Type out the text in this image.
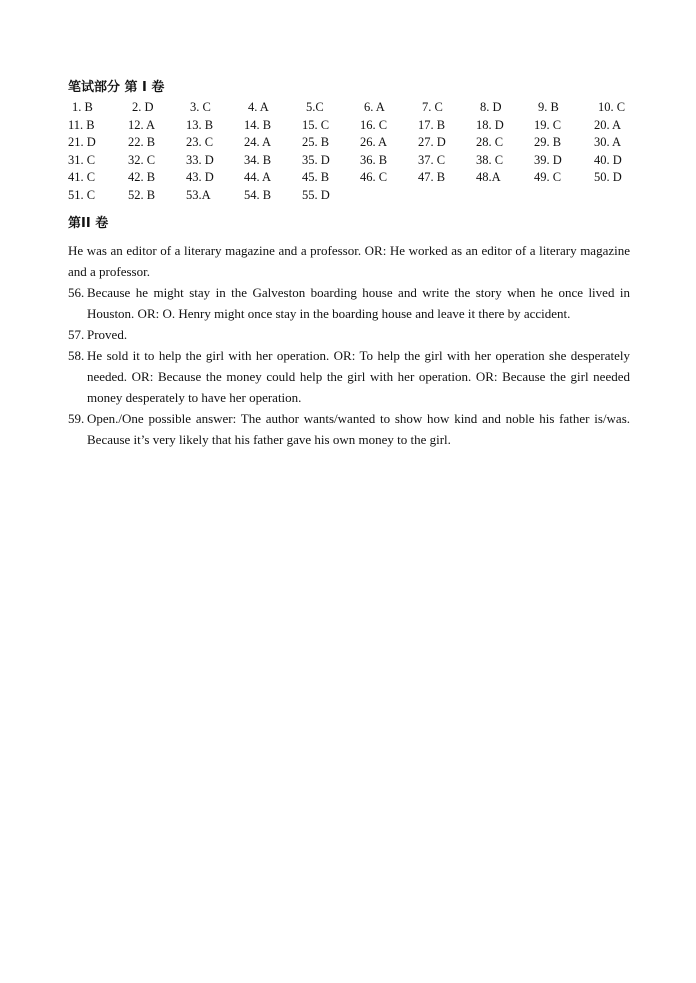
笔试部分 第 I 卷
1. B	2. D	3. C	4. A	5.C	6. A	7. C	8. D	9. B	10. C
11. B	12. A 13. B 14. B 15. C 16. C 17. B 18. D 19. C	20. A
21. D	22. B 23. C 24. A 25. B 26. A 27. D 28. C 29. B	30. A
31. C	32. C 33. D 34. B 35. D 36. B 37. C 38. C 39. D	40. D
41. C	42. B 43. D 44. A 45. B 46. C 47. B 48.A	49. C	50. D
51. C	52. B 53.A	54. B 55. D
第II 卷

He was an editor of a literary magazine and a professor. OR: He worked as an editor of a literary magazine and a professor.

56. Because he might stay in the Galveston boarding house and write the story when he once lived in Houston. OR: O. Henry might once stay in the boarding house and leave it there by accident.
57. Proved.
58. He sold it to help the girl with her operation. OR: To help the girl with her operation she desperately needed. OR: Because the money could help the girl with her operation. OR: Because the girl needed money desperately to have her operation.
59. Open./One possible answer: The author wants/wanted to show how kind and noble his father is/was. Because it’s very likely that his father gave his own money to the girl.
